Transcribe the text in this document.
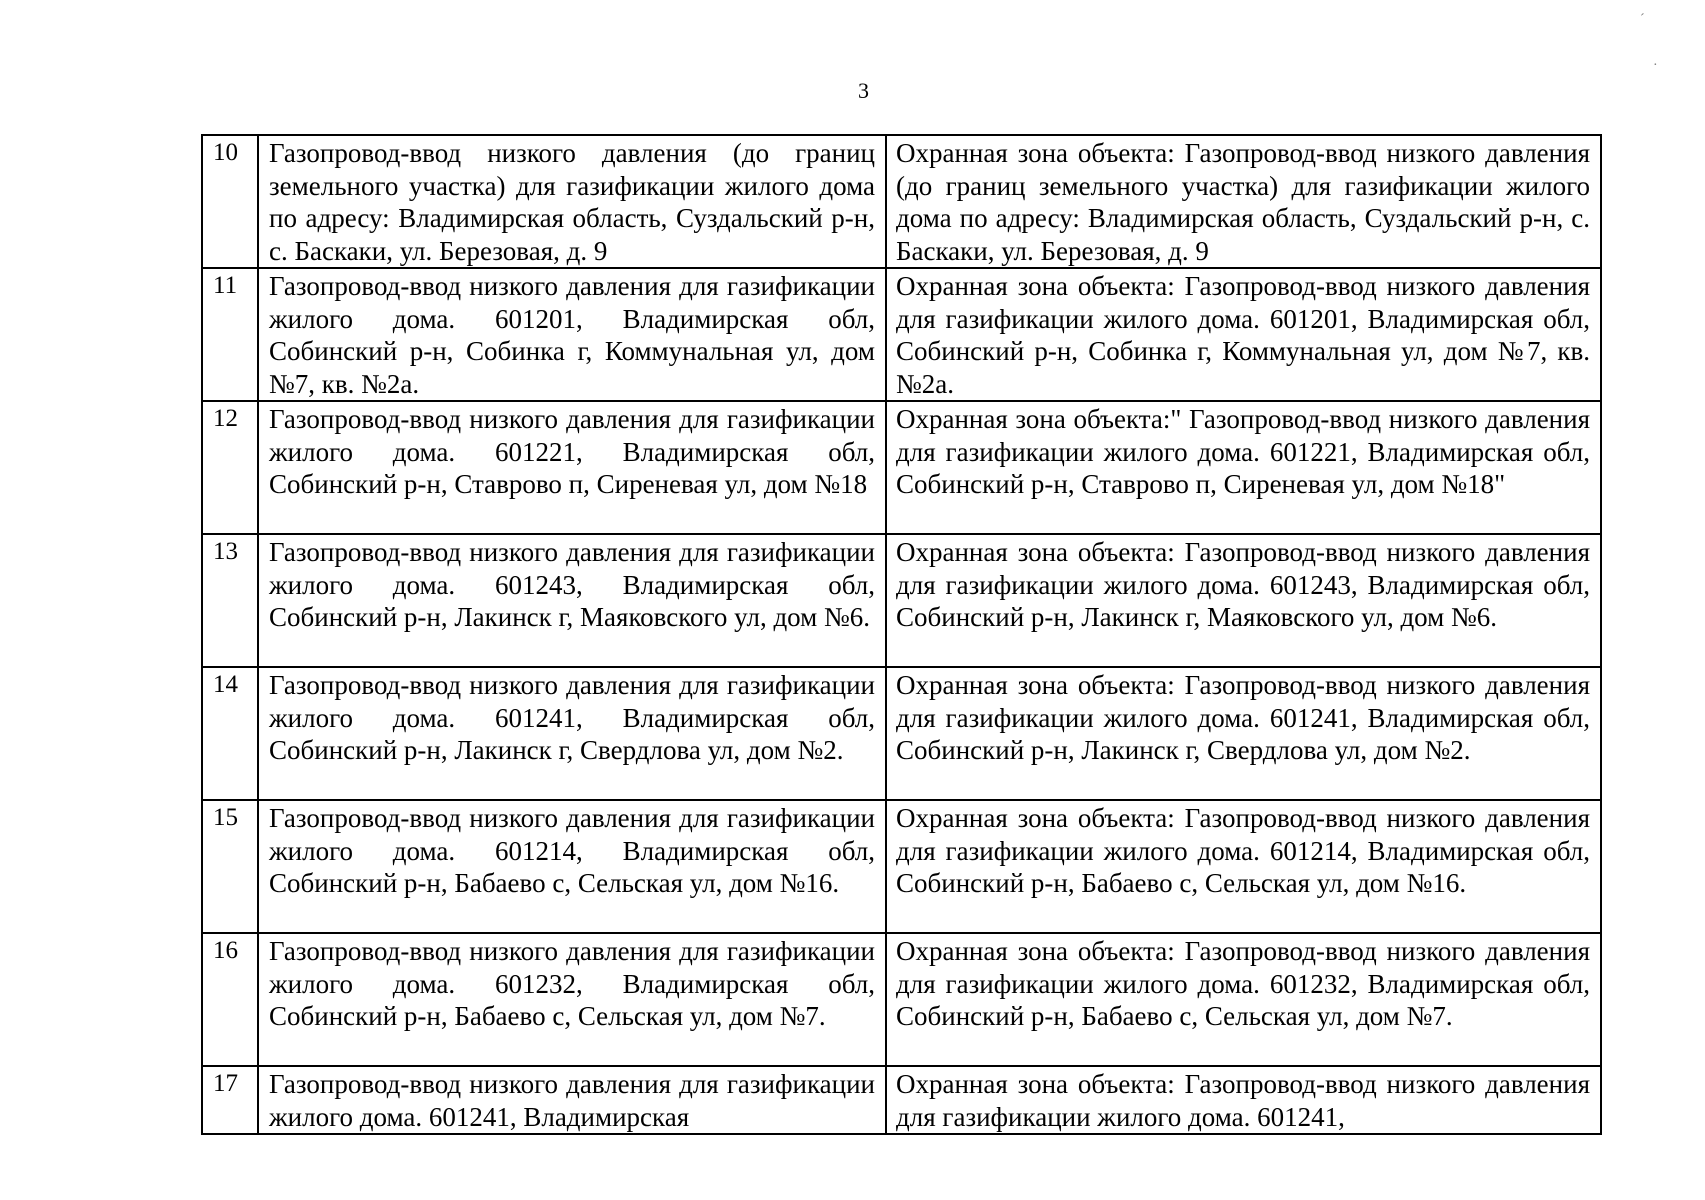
3
ˊ
·
10	Газопровод-ввод низкого давления (до границ земельного участка) для газификации жилого дома по адресу: Владимирская область, Суздальский р-н, с. Баскаки, ул. Березовая, д. 9	Охранная зона объекта: Газопровод-ввод низкого давления (до границ земельного участка) для газификации жилого дома по адресу: Владимирская область, Суздальский р-н, с. Баскаки, ул. Березовая, д. 9
11	Газопровод-ввод низкого давления для газификации жилого дома. 601201, Владимирская обл, Собинский р-н, Собинка г, Коммунальная ул, дом №7, кв. №2а.	Охранная зона объекта: Газопровод-ввод низкого давления для газификации жилого дома. 601201, Владимирская обл, Собинский р-н, Собинка г, Коммунальная ул, дом №7, кв. №2а.
12	Газопровод-ввод низкого давления для газификации жилого дома. 601221, Владимирская обл, Собинский р-н, Ставрово п, Сиреневая ул, дом №18	Охранная зона объекта:" Газопровод-ввод низкого давления для газификации жилого дома. 601221, Владимирская обл, Собинский р-н, Ставрово п, Сиреневая ул, дом №18"
13	Газопровод-ввод низкого давления для газификации жилого дома. 601243, Владимирская обл, Собинский р-н, Лакинск г, Маяковского ул, дом №6.	Охранная зона объекта: Газопровод-ввод низкого давления для газификации жилого дома. 601243, Владимирская обл, Собинский р-н, Лакинск г, Маяковского ул, дом №6.
14	Газопровод-ввод низкого давления для газификации жилого дома. 601241, Владимирская обл, Собинский р-н, Лакинск г, Свердлова ул, дом №2.	Охранная зона объекта: Газопровод-ввод низкого давления для газификации жилого дома. 601241, Владимирская обл, Собинский р-н, Лакинск г, Свердлова ул, дом №2.
15	Газопровод-ввод низкого давления для газификации жилого дома. 601214, Владимирская обл, Собинский р-н, Бабаево с, Сельская ул, дом №16.	Охранная зона объекта: Газопровод-ввод низкого давления для газификации жилого дома. 601214, Владимирская обл, Собинский р-н, Бабаево с, Сельская ул, дом №16.
16	Газопровод-ввод низкого давления для газификации жилого дома. 601232, Владимирская обл, Собинский р-н, Бабаево с, Сельская ул, дом №7.	Охранная зона объекта: Газопровод-ввод низкого давления для газификации жилого дома. 601232, Владимирская обл, Собинский р-н, Бабаево с, Сельская ул, дом №7.
17	Газопровод-ввод низкого давления для газификации жилого дома. 601241, Владимирская	Охранная зона объекта: Газопровод-ввод низкого давления для газификации жилого дома. 601241,
